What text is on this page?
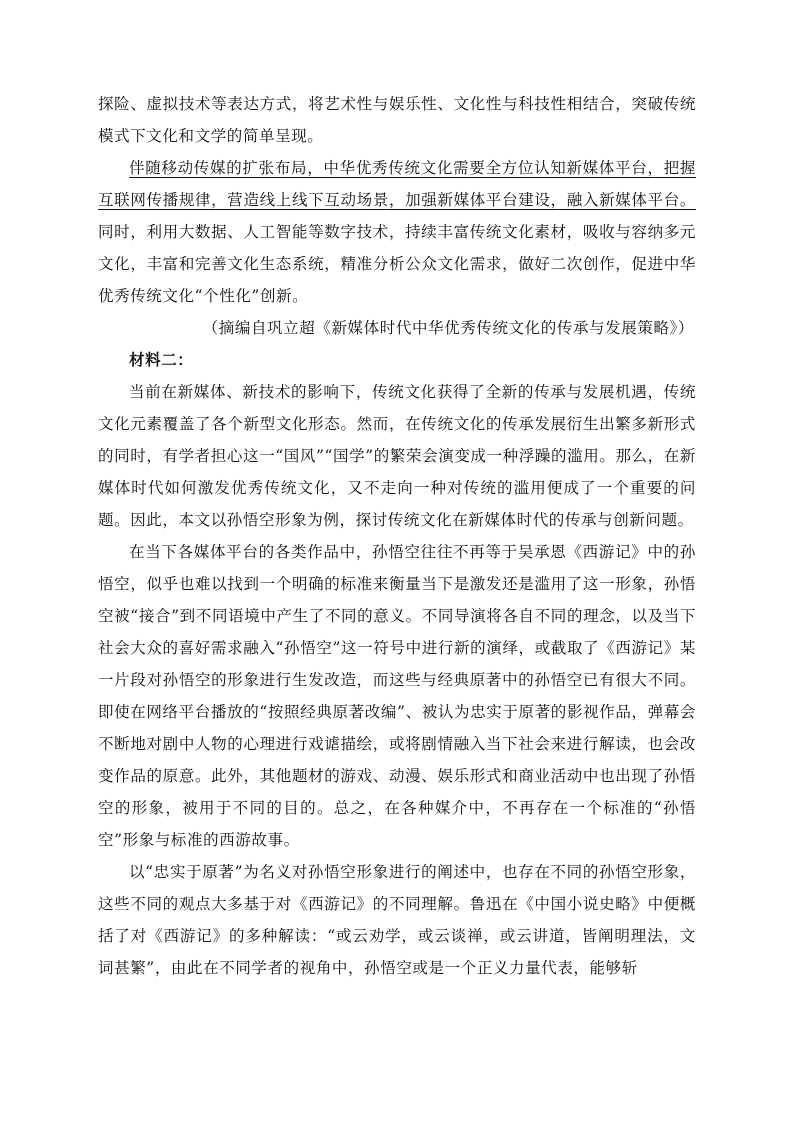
探险、虚拟技术等表达方式，将艺术性与娱乐性、文化性与科技性相结合，突破传统模式下文化和文学的简单呈现。

伴随移动传媒的扩张布局，中华优秀传统文化需要全方位认知新媒体平台，把握互联网传播规律，营造线上线下互动场景，加强新媒体平台建设，融入新媒体平台。同时，利用大数据、人工智能等数字技术，持续丰富传统文化素材，吸收与容纳多元文化，丰富和完善文化生态系统，精准分析公众文化需求，做好二次创作，促进中华优秀传统文化“个性化”创新。

（摘编自巩立超《新媒体时代中华优秀传统文化的传承与发展策略》）

材料二：

当前在新媒体、新技术的影响下，传统文化获得了全新的传承与发展机遇，传统文化元素覆盖了各个新型文化形态。然而，在传统文化的传承发展衍生出繁多新形式的同时，有学者担心这一“国风”“国学”的繁荣会演变成一种浮躁的滥用。那么，在新媒体时代如何激发优秀传统文化，又不走向一种对传统的滥用便成了一个重要的问题。因此，本文以孙悟空形象为例，探讨传统文化在新媒体时代的传承与创新问题。

在当下各媒体平台的各类作品中，孙悟空往往不再等于吴承恩《西游记》中的孙悟空，似乎也难以找到一个明确的标准来衡量当下是激发还是滥用了这一形象，孙悟空被“接合”到不同语境中产生了不同的意义。不同导演将各自不同的理念，以及当下社会大众的喜好需求融入“孙悟空”这一符号中进行新的演绎，或截取了《西游记》某一片段对孙悟空的形象进行生发改造，而这些与经典原著中的孙悟空已有很大不同。即使在网络平台播放的“按照经典原著改编”、被认为忠实于原著的影视作品，弹幕会不断地对剧中人物的心理进行戏谑描绘，或将剧情融入当下社会来进行解读，也会改变作品的原意。此外，其他题材的游戏、动漫、娱乐形式和商业活动中也出现了孙悟空的形象，被用于不同的目的。总之，在各种媒介中，不再存在一个标准的“孙悟空”形象与标准的西游故事。

以“忠实于原著”为名义对孙悟空形象进行的阐述中，也存在不同的孙悟空形象，这些不同的观点大多基于对《西游记》的不同理解。鲁迅在《中国小说史略》中便概括了对《西游记》的多种解读：“或云劝学，或云谈禅，或云讲道，皆阐明理法，文词甚繁”，由此在不同学者的视角中，孙悟空或是一个正义力量代表，能够斩
